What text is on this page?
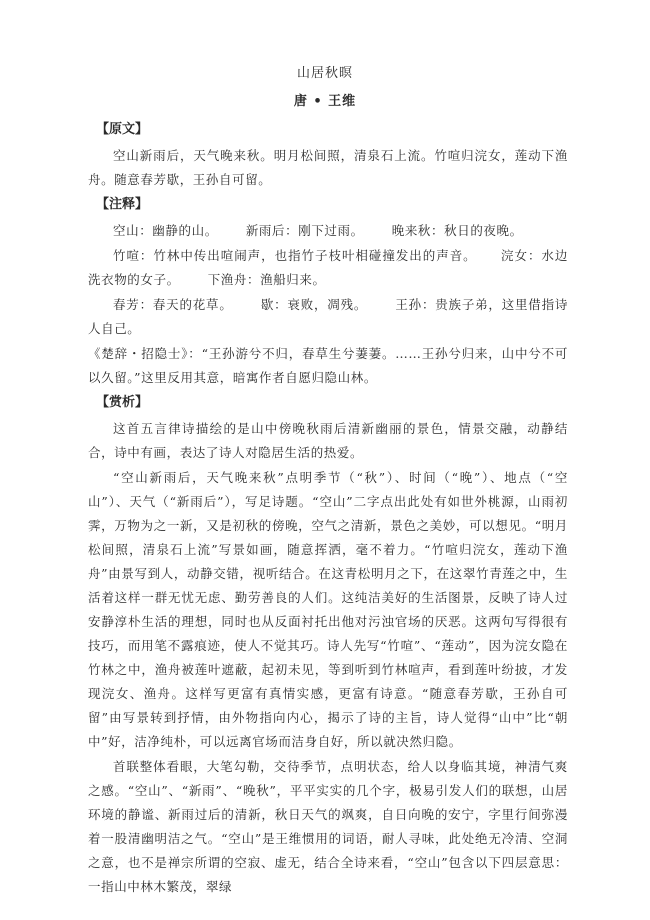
山居秋暝
唐 • 王维
【原文】

空山新雨后，天气晚来秋。明月松间照，清泉石上流。竹喧归浣女，莲动下渔舟。随意春芳歇，王孙自可留。

【注释】

空山：幽静的山。 新雨后：刚下过雨。 晚来秋：秋日的夜晚。

竹喧：竹林中传出喧闹声，也指竹子枝叶相碰撞发出的声音。 浣女：水边洗衣物的女子。 下渔舟：渔船归来。

春芳：春天的花草。 歇：衰败，凋残。 王孙：贵族子弟，这里借指诗人自己。

《楚辞・招隐士》：“王孙游兮不归，春草生兮萋萋。……王孙兮归来，山中兮不可以久留。”这里反用其意，暗寓作者自愿归隐山林。

【赏析】

这首五言律诗描绘的是山中傍晚秋雨后清新幽丽的景色，情景交融，动静结合，诗中有画，表达了诗人对隐居生活的热爱。

“空山新雨后，天气晚来秋”点明季节（“秋”）、时间（“晚”）、地点（“空山”）、天气（“新雨后”），写足诗题。“空山”二字点出此处有如世外桃源，山雨初霁，万物为之一新，又是初秋的傍晚，空气之清新，景色之美妙，可以想见。“明月松间照，清泉石上流”写景如画，随意挥洒，毫不着力。“竹喧归浣女，莲动下渔舟”由景写到人，动静交错，视听结合。在这青松明月之下，在这翠竹青莲之中，生活着这样一群无忧无虑、勤劳善良的人们。这纯洁美好的生活图景，反映了诗人过安静淳朴生活的理想，同时也从反面衬托出他对污浊官场的厌恶。这两句写得很有技巧，而用笔不露痕迹，使人不觉其巧。诗人先写“竹喧”、“莲动”，因为浣女隐在竹林之中，渔舟被莲叶遮蔽，起初未见，等到听到竹林喧声，看到莲叶纷披，才发现浣女、渔舟。这样写更富有真情实感，更富有诗意。“随意春芳歇，王孙自可留”由写景转到抒情，由外物指向内心，揭示了诗的主旨，诗人觉得“山中”比“朝中”好，洁净纯朴，可以远离官场而洁身自好，所以就决然归隐。

首联整体看眼，大笔勾勒，交待季节，点明状态，给人以身临其境，神清气爽之感。“空山”、“新雨”、“晚秋”，平平实实的几个字，极易引发人们的联想，山居环境的静谧、新雨过后的清新，秋日天气的飒爽，自日向晚的安宁，字里行间弥漫着一股清幽明洁之气。“空山”是王维惯用的词语，耐人寻味，此处绝无冷清、空洞之意，也不是禅宗所谓的空寂、虚无，结合全诗来看，“空山”包含以下四层意思：一指山中林木繁茂，翠绿
